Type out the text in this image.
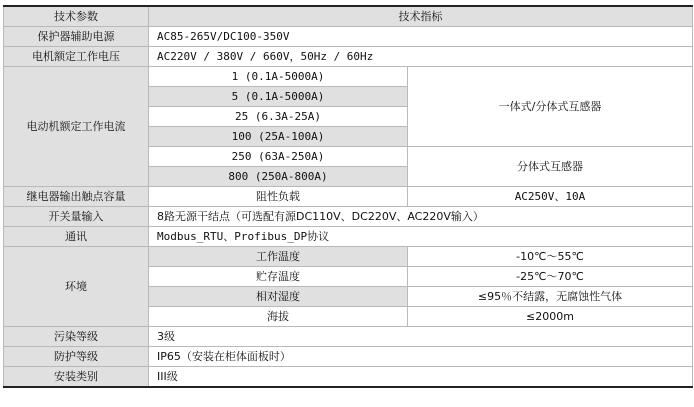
技术参数	技术指标	
保护器辅助电源	AC85-265V/DC100-350V	
电机额定工作电压	AC220V / 380V / 660V，50Hz / 60Hz	
电动机额定工作电流	1 (0.1A-5000A)	一体式/分体式互感器
	5 (0.1A-5000A)	
	25 (6.3A-25A)	
	100 (25A-100A)	
	250 (63A-250A)	分体式互感器
	800 (250A-800A)	
继电器输出触点容量	阻性负载	AC250V、10A
开关量输入	8路无源干结点（可选配有源DC110V、DC220V、AC220V输入）	
通讯	Modbus_RTU、Profibus_DP协议	
环境	工作温度	-10℃～55℃
	贮存温度	-25℃～70℃
	相对湿度	≤95％不结露，无腐蚀性气体
	海拔	≤2000m
污染等级	3级	
防护等级	IP65（安装在柜体面板时）	
安装类别	III级	
